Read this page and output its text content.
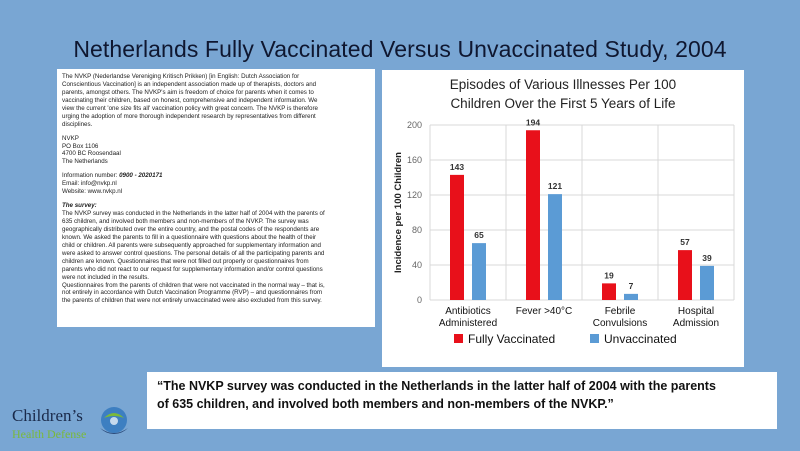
Netherlands Fully Vaccinated Versus Unvaccinated Study, 2004

The NVKP (Nederlandse Vereniging Kritisch Prikken) [in English: Dutch Association for
Conscientious Vaccination] is an independent association made up of therapists, doctors and
parents, amongst others. The NVKP's aim is freedom of choice for parents when it comes to
vaccinating their children, based on honest, comprehensive and independent information. We
view the current 'one size fits all' vaccination policy with great concern. The NVKP is therefore
urging the adoption of more thorough independent research by representatives from different
disciplines.

NVKP
PO Box 1106
4700 BC Roosendaal
The Netherlands

Information number: 0900 - 2020171
Email: info@nvkp.nl
Website: www.nvkp.nl

The survey:
The NVKP survey was conducted in the Netherlands in the latter half of 2004 with the parents of
635 children, and involved both members and non-members of the NVKP. The survey was
geographically distributed over the entire country, and the postal codes of the respondents are
known. We asked the parents to fill in a questionnaire with questions about the health of their
child or children. All parents were subsequently approached for supplementary information and
were asked to answer control questions. The personal details of all the participating parents and
children are known. Questionnaires that were not filled out properly or questionnaires from
parents who did not react to our request for supplementary information and/or control questions
were not included in the results.
Questionnaires from the parents of children that were not vaccinated in the normal way – that is,
not entirely in accordance with Dutch Vaccination Programme (RVP) – and questionnaires from
the parents of children that were not entirely unvaccinated were also excluded from this survey.

Episodes of Various Illnesses Per 100
Children Over the First 5 Years of Life
0
40
80
120
160
200
Incidence per 100 Children	143
65
Antibiotics
Administered
194
121
Fever >40°C
19
7
Febrile
Convulsions
57
39
Hospital
Admission
Fully Vaccinated	Unvaccinated
“The NVKP survey was conducted in the Netherlands in the latter half of 2004 with the parents
of 635 children, and involved both members and non-members of the NVKP.”
Children’s
Health Defense
